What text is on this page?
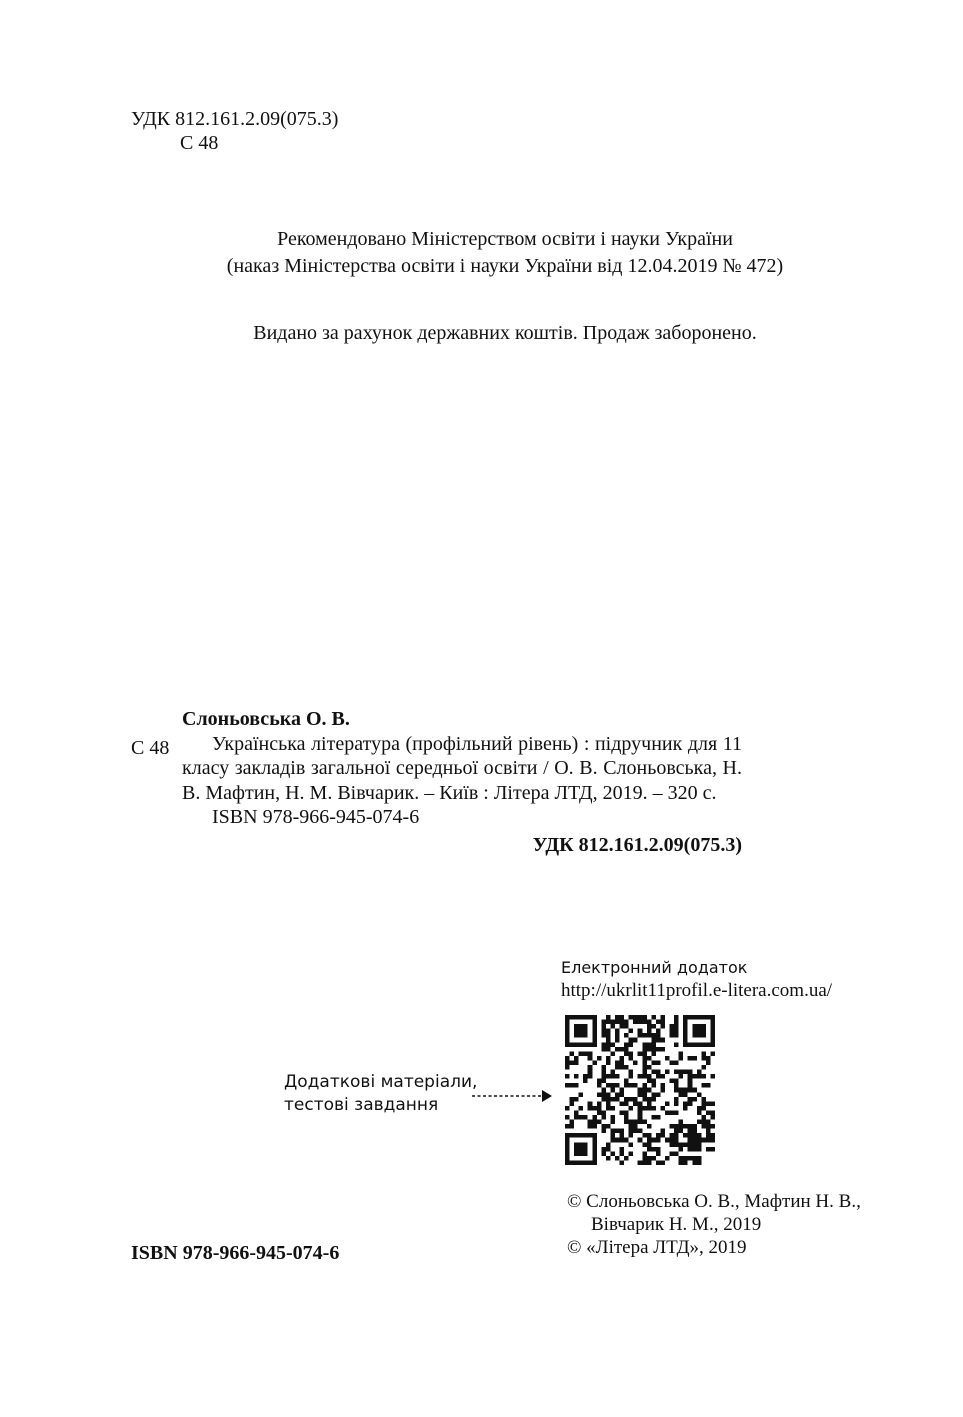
УДК 812.161.2.09(075.3)
С 48
Рекомендовано Міністерством освіти і науки України
(наказ Міністерства освіти і науки України від 12.04.2019 № 472)
Видано за рахунок державних коштів. Продаж заборонено.
С 48
Слоньовська О. В.
Українська література (профільний рівень) : підручник для 11 класу закладів загальної середньої освіти / О. В. Слоньовська, Н. В. Мафтин, Н. М. Вівчарик. – Київ : Літера ЛТД, 2019. – 320 с.
ISBN 978-966-945-074-6
УДК 812.161.2.09(075.3)
Електронний додаток
http://ukrlit11profil.e-litera.com.ua/
Додаткові матеріали,
тестові завдання
© Слоньовська О. В., Мафтин Н. В.,
Вівчарик Н. М., 2019
© «Літера ЛТД», 2019
ISBN 978-966-945-074-6
